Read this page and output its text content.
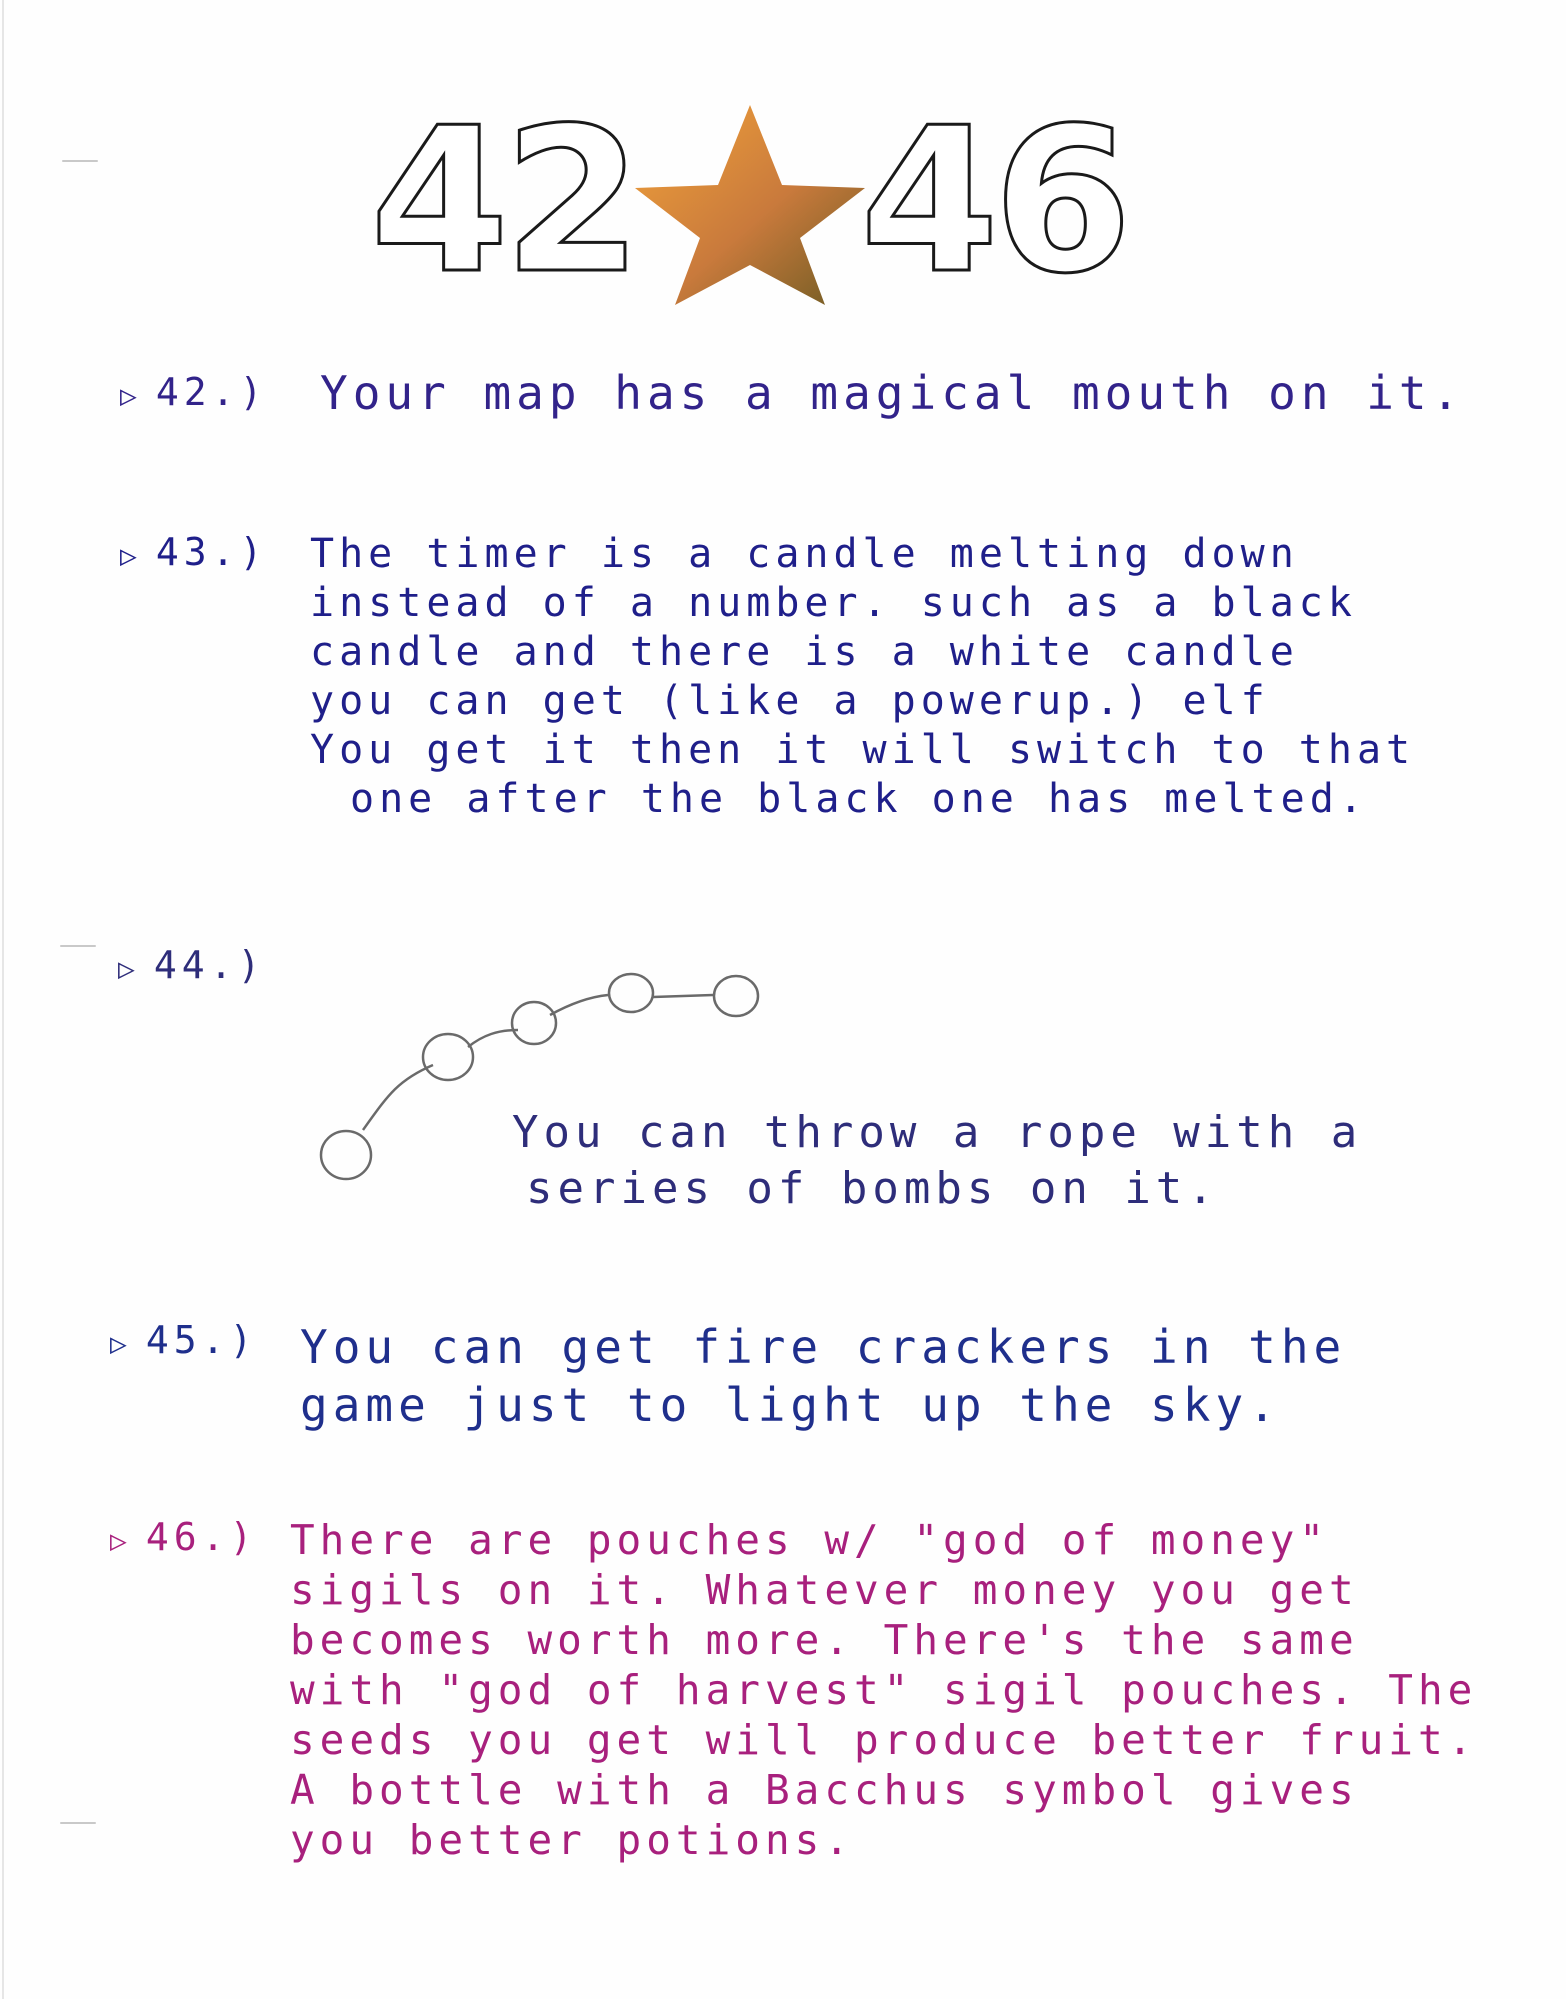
42 46
▷ 42.) Your map has a magical mouth on it.
▷ 43.) The timer is a candle melting down
instead of a number. such as a black
candle and there is a white candle
you can get (like a powerup.) elf
You get it then it will switch to that
one after the black one has melted.
▷ 44.)
You can throw a rope with a
series of bombs on it.
▷ 45.) You can get fire crackers in the
game just to light up the sky.
▷ 46.) There are pouches w/ "god of money"
sigils on it. Whatever money you get
becomes worth more. There's the same
with "god of harvest" sigil pouches. The
seeds you get will produce better fruit.
A bottle with a Bacchus symbol gives
you better potions.
